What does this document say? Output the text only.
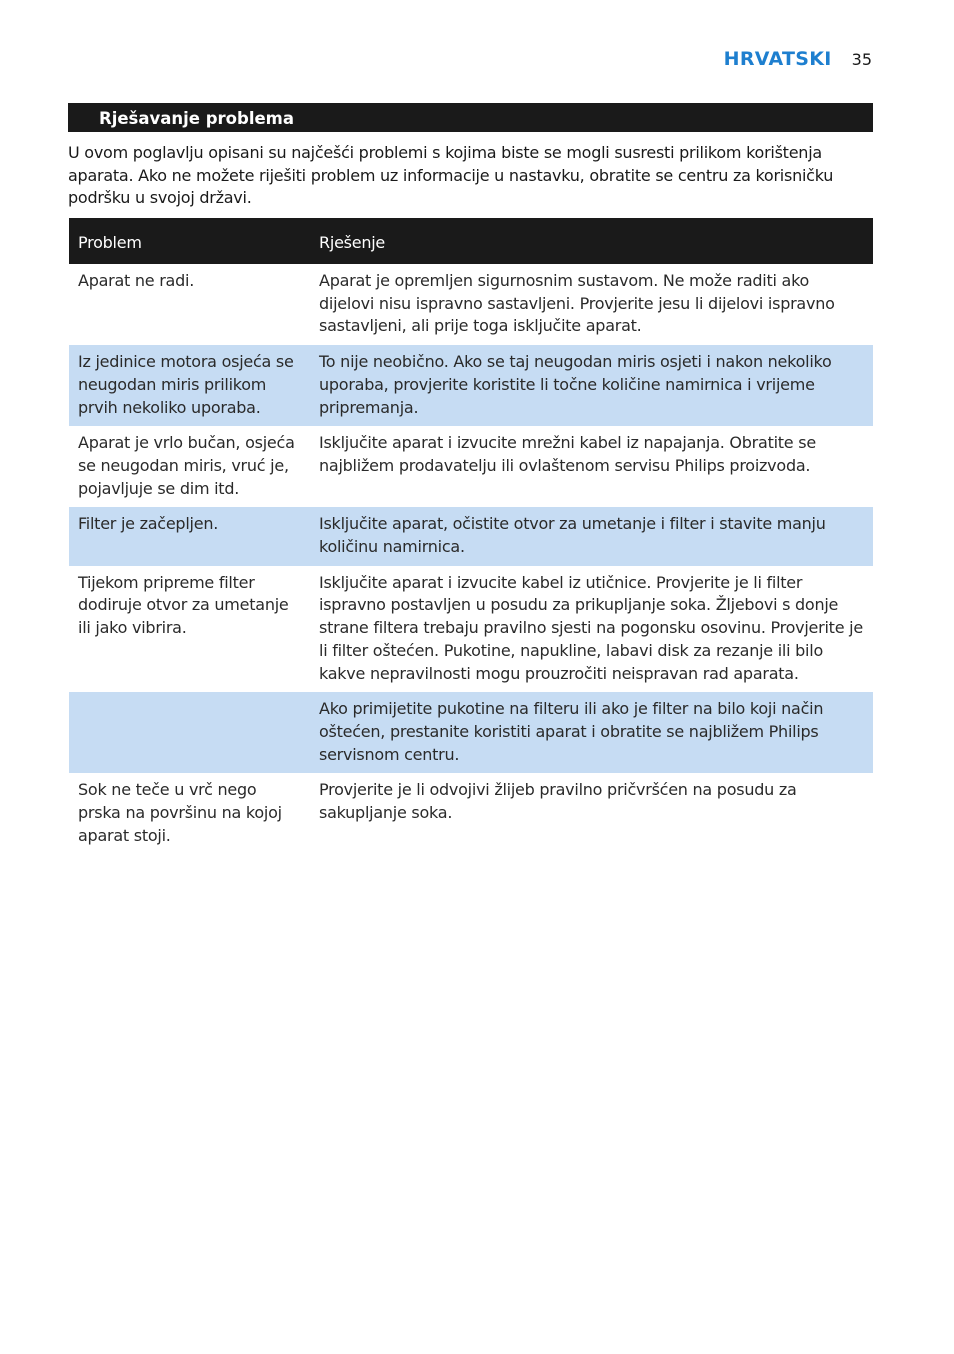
HRVATSKI 35
Rješavanje problema

U ovom poglavlju opisani su najčešći problemi s kojima biste se mogli susresti prilikom korištenja aparata. Ako ne možete riješiti problem uz informacije u nastavku, obratite se centru za korisničku podršku u svojoj državi.

Problem	Rješenje
Aparat ne radi.	Aparat je opremljen sigurnosnim sustavom. Ne može raditi ako dijelovi nisu ispravno sastavljeni. Provjerite jesu li dijelovi ispravno sastavljeni, ali prije toga isključite aparat.
Iz jedinice motora osjeća se neugodan miris prilikom prvih nekoliko uporaba.	To nije neobično. Ako se taj neugodan miris osjeti i nakon nekoliko uporaba, provjerite koristite li točne količine namirnica i vrijeme pripremanja.
Aparat je vrlo bučan, osjeća se neugodan miris, vruć je, pojavljuje se dim itd.	Isključite aparat i izvucite mrežni kabel iz napajanja. Obratite se najbližem prodavatelju ili ovlaštenom servisu Philips proizvoda.
Filter je začepljen.	Isključite aparat, očistite otvor za umetanje i filter i stavite manju količinu namirnica.
Tijekom pripreme filter dodiruje otvor za umetanje ili jako vibrira.	Isključite aparat i izvucite kabel iz utičnice. Provjerite je li filter ispravno postavljen u posudu za prikupljanje soka. Žljebovi s donje strane filtera trebaju pravilno sjesti na pogonsku osovinu. Provjerite je li filter oštećen. Pukotine, napukline, labavi disk za rezanje ili bilo kakve nepravilnosti mogu prouzročiti neispravan rad aparata.
	Ako primijetite pukotine na filteru ili ako je filter na bilo koji način oštećen, prestanite koristiti aparat i obratite se najbližem Philips servisnom centru.
Sok ne teče u vrč nego prska na površinu na kojoj aparat stoji.	Provjerite je li odvojivi žlijeb pravilno pričvršćen na posudu za sakupljanje soka.
